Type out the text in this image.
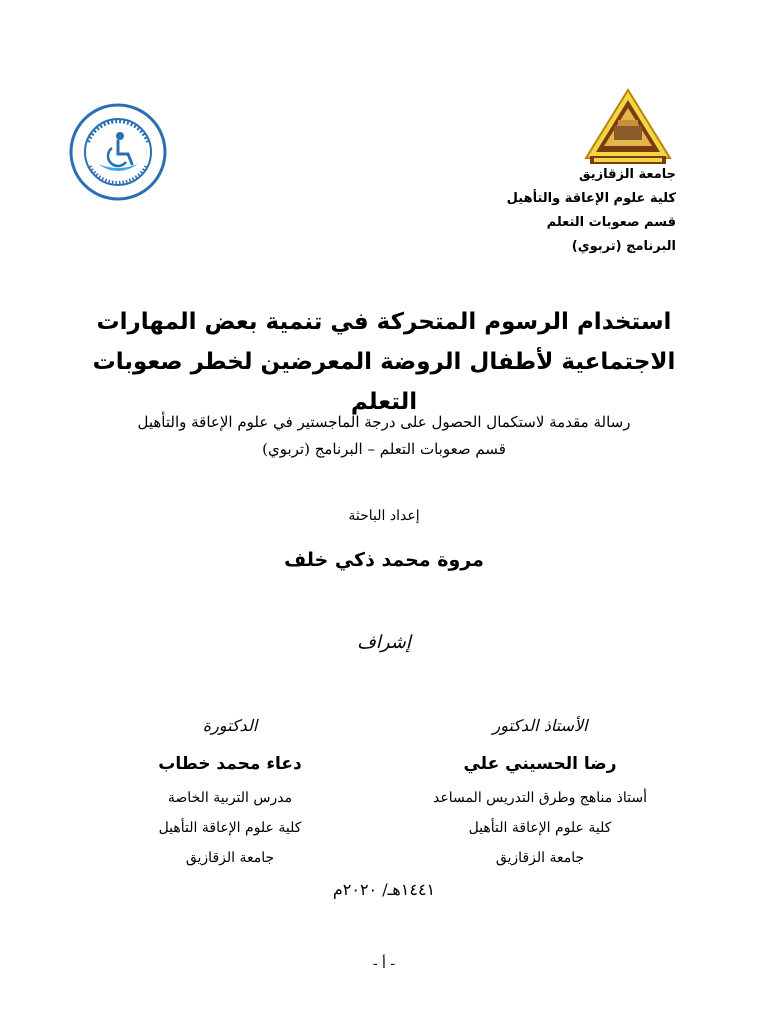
جامعة الزقازيق
كلية علوم الإعاقة والتأهيل
قسم صعوبات التعلم
البرنامج (تربوي)
استخدام الرسوم المتحركة في تنمية بعض المهارات
الاجتماعية لأطفال الروضة المعرضين لخطر صعوبات التعلم
رسالة مقدمة لاستكمال الحصول على درجة الماجستير في علوم الإعاقة والتأهيل
قسم صعوبات التعلم – البرنامج (تربوي)
إعداد الباحثة
مروة محمد ذكي خلف
إشراف
الأستاذ الدكتور
رضا الحسيني علي
أستاذ مناهج وطرق التدريس المساعد
كلية علوم الإعاقة التأهيل
جامعة الزقازيق
الدكتورة
دعاء محمد خطاب
مدرس التربية الخاصة
كلية علوم الإعاقة التأهيل
جامعة الزقازيق
١٤٤١هـ/ ٢٠٢٠م
- أ -
